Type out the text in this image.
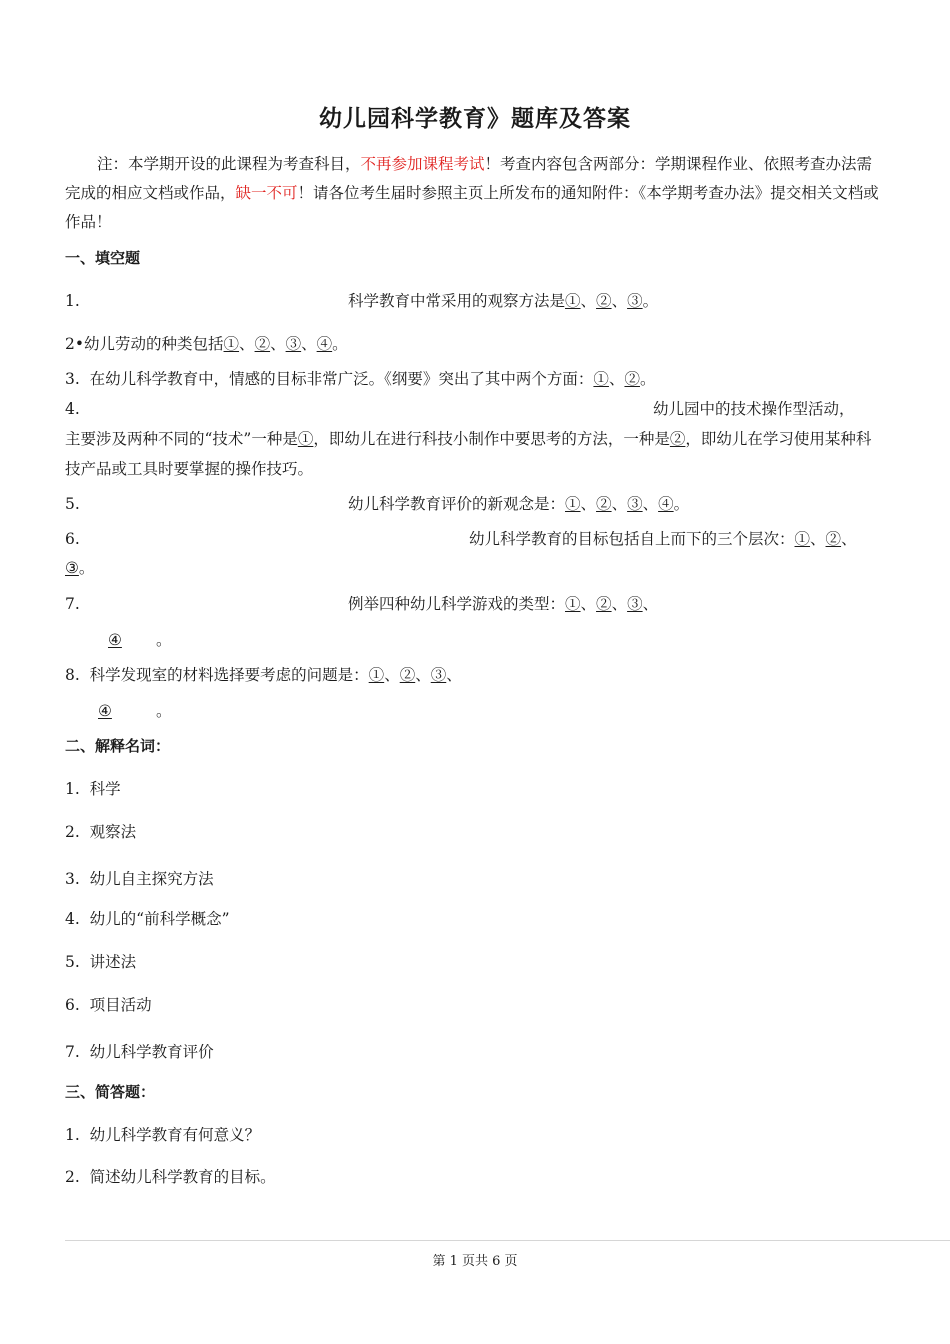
幼儿园科学教育》题库及答案
注：本学期开设的此课程为考查科目，不再参加课程考试！考查内容包含两部分：学期课程作业、依照考查办法需完成的相应文档或作品，缺一不可！请各位考生届时参照主页上所发布的通知附件：《本学期考查办法》提交相关文档或作品！
一、填空题
1.	科学教育中常采用的观察方法是①、②、③。
2•幼儿劳动的种类包括①、②、③、④。
3. 在幼儿科学教育中，情感的目标非常广泛。《纲要》突出了其中两个方面：①、②。
4.	幼儿园中的技术操作型活动，
主要涉及两种不同的“技术”一种是①，即幼儿在进行科技小制作中要思考的方法，一种是②，即幼儿在学习使用某种科技产品或工具时要掌握的操作技巧。
5.	幼儿科学教育评价的新观念是：①、②、③、④。
6.	幼儿科学教育的目标包括自上而下的三个层次：①、②、
③。
7.	例举四种幼儿科学游戏的类型：①、②、③、
④ 。
8. 科学发现室的材料选择要考虑的问题是：①、②、③、
④	。
二、解释名词：
1. 科学
2. 观察法
3. 幼儿自主探究方法
4. 幼儿的“前科学概念”
5. 讲述法
6. 项目活动
7. 幼儿科学教育评价
三、简答题：
1. 幼儿科学教育有何意义？
2. 简述幼儿科学教育的目标。
第 1 页共 6 页
